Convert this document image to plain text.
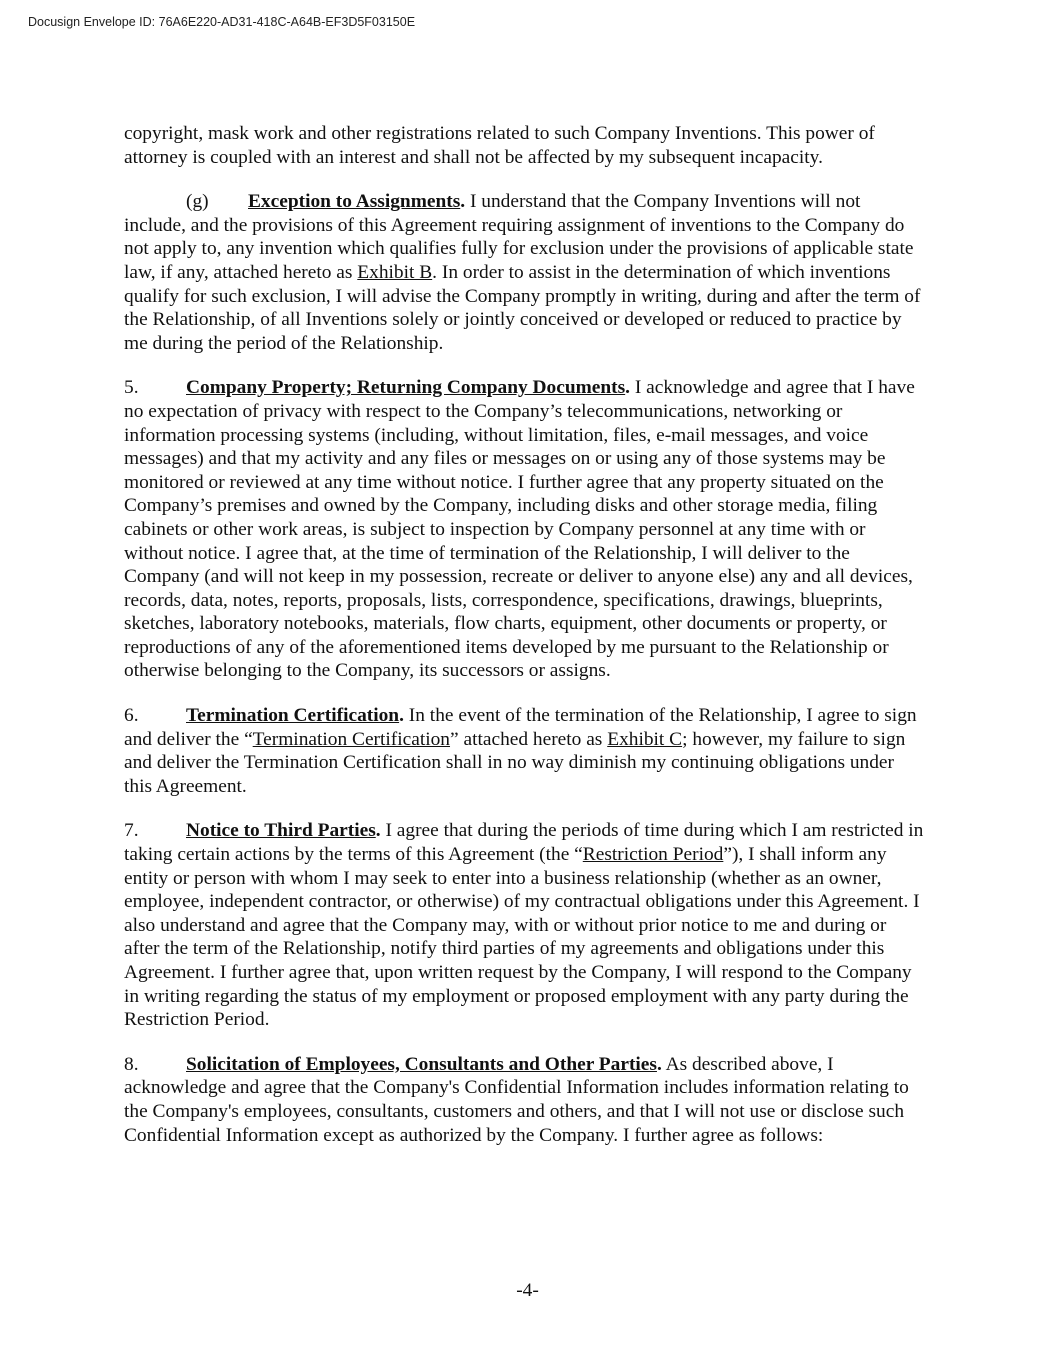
Docusign Envelope ID: 76A6E220-AD31-418C-A64B-EF3D5F03150E

copyright, mask work and other registrations related to such Company Inventions. This power of attorney is coupled with an interest and shall not be affected by my subsequent incapacity.

(g) Exception to Assignments. I understand that the Company Inventions will not include, and the provisions of this Agreement requiring assignment of inventions to the Company do not apply to, any invention which qualifies fully for exclusion under the provisions of applicable state law, if any, attached hereto as Exhibit B. In order to assist in the determination of which inventions qualify for such exclusion, I will advise the Company promptly in writing, during and after the term of the Relationship, of all Inventions solely or jointly conceived or developed or reduced to practice by me during the period of the Relationship.

5. Company Property; Returning Company Documents. I acknowledge and agree that I have no expectation of privacy with respect to the Company’s telecommunications, networking or information processing systems (including, without limitation, files, e-mail messages, and voice messages) and that my activity and any files or messages on or using any of those systems may be monitored or reviewed at any time without notice. I further agree that any property situated on the Company’s premises and owned by the Company, including disks and other storage media, filing cabinets or other work areas, is subject to inspection by Company personnel at any time with or without notice. I agree that, at the time of termination of the Relationship, I will deliver to the Company (and will not keep in my possession, recreate or deliver to anyone else) any and all devices, records, data, notes, reports, proposals, lists, correspondence, specifications, drawings, blueprints, sketches, laboratory notebooks, materials, flow charts, equipment, other documents or property, or reproductions of any of the aforementioned items developed by me pursuant to the Relationship or otherwise belonging to the Company, its successors or assigns.

6. Termination Certification. In the event of the termination of the Relationship, I agree to sign and deliver the “Termination Certification” attached hereto as Exhibit C; however, my failure to sign and deliver the Termination Certification shall in no way diminish my continuing obligations under this Agreement.

7. Notice to Third Parties. I agree that during the periods of time during which I am restricted in taking certain actions by the terms of this Agreement (the “Restriction Period”), I shall inform any entity or person with whom I may seek to enter into a business relationship (whether as an owner, employee, independent contractor, or otherwise) of my contractual obligations under this Agreement. I also understand and agree that the Company may, with or without prior notice to me and during or after the term of the Relationship, notify third parties of my agreements and obligations under this Agreement. I further agree that, upon written request by the Company, I will respond to the Company in writing regarding the status of my employment or proposed employment with any party during the Restriction Period.

8. Solicitation of Employees, Consultants and Other Parties. As described above, I acknowledge and agree that the Company's Confidential Information includes information relating to the Company's employees, consultants, customers and others, and that I will not use or disclose such Confidential Information except as authorized by the Company. I further agree as follows:

-4-
